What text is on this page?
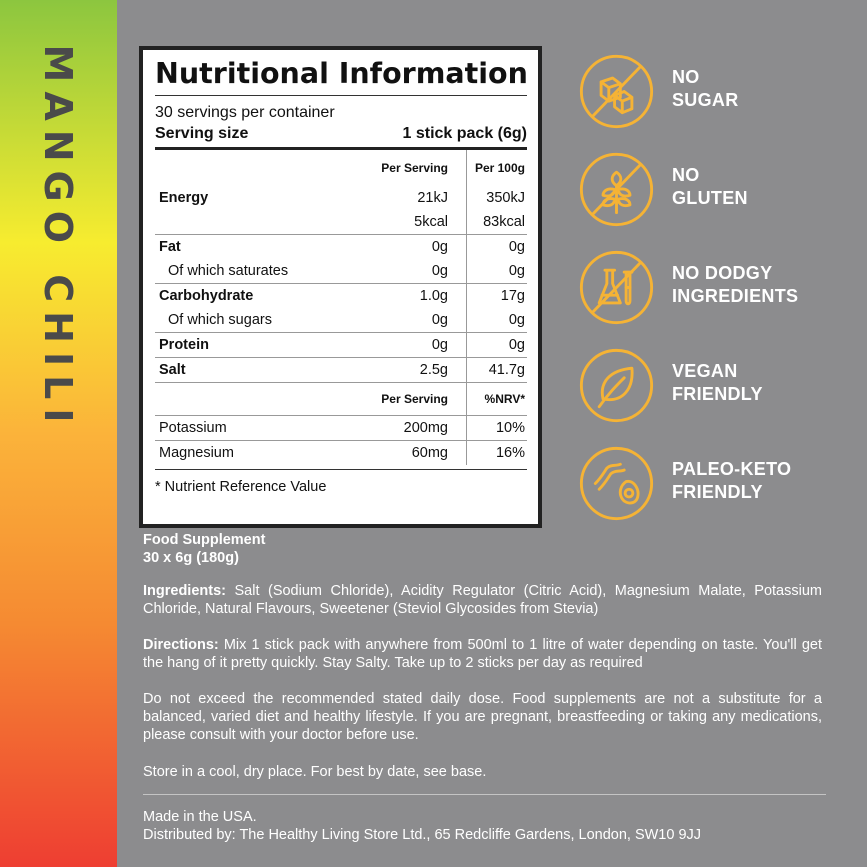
MANGO CHILI	Nutritional Information
30 servings per container
Serving size	1 stick pack (6g)
	Per Serving	Per 100g
Energy	21kJ	350kJ
	5kcal	83kcal
Fat	0g	0g
Of which saturates	0g	0g
Carbohydrate	1.0g	17g
Of which sugars	0g	0g
Protein	0g	0g
Salt	2.5g	41.7g
	Per Serving	%NRV*
Potassium	200mg	10%
Magnesium	60mg	16%
* Nutrient Reference Value
NO
SUGAR
NO
GLUTEN
NO DODGY
INGREDIENTS
VEGAN
FRIENDLY
PALEO-KETO
FRIENDLY
Food Supplement
30 x 6g (180g)
Ingredients: Salt (Sodium Chloride), Acidity Regulator (Citric Acid), Magnesium Malate, Potassium Chloride, Natural Flavours, Sweetener (Steviol Glycosides from Stevia)
Directions: Mix 1 stick pack with anywhere from 500ml to 1 litre of water depending on taste. You'll get the hang of it pretty quickly. Stay Salty. Take up to 2 sticks per day as required
Do not exceed the recommended stated daily dose. Food supplements are not a substitute for a balanced, varied diet and healthy lifestyle. If you are pregnant, breastfeeding or taking any medications, please consult with your doctor before use.
Store in a cool, dry place. For best by date, see base.
Made in the USA.
Distributed by: The Healthy Living Store Ltd., 65 Redcliffe Gardens, London, SW10 9JJ
